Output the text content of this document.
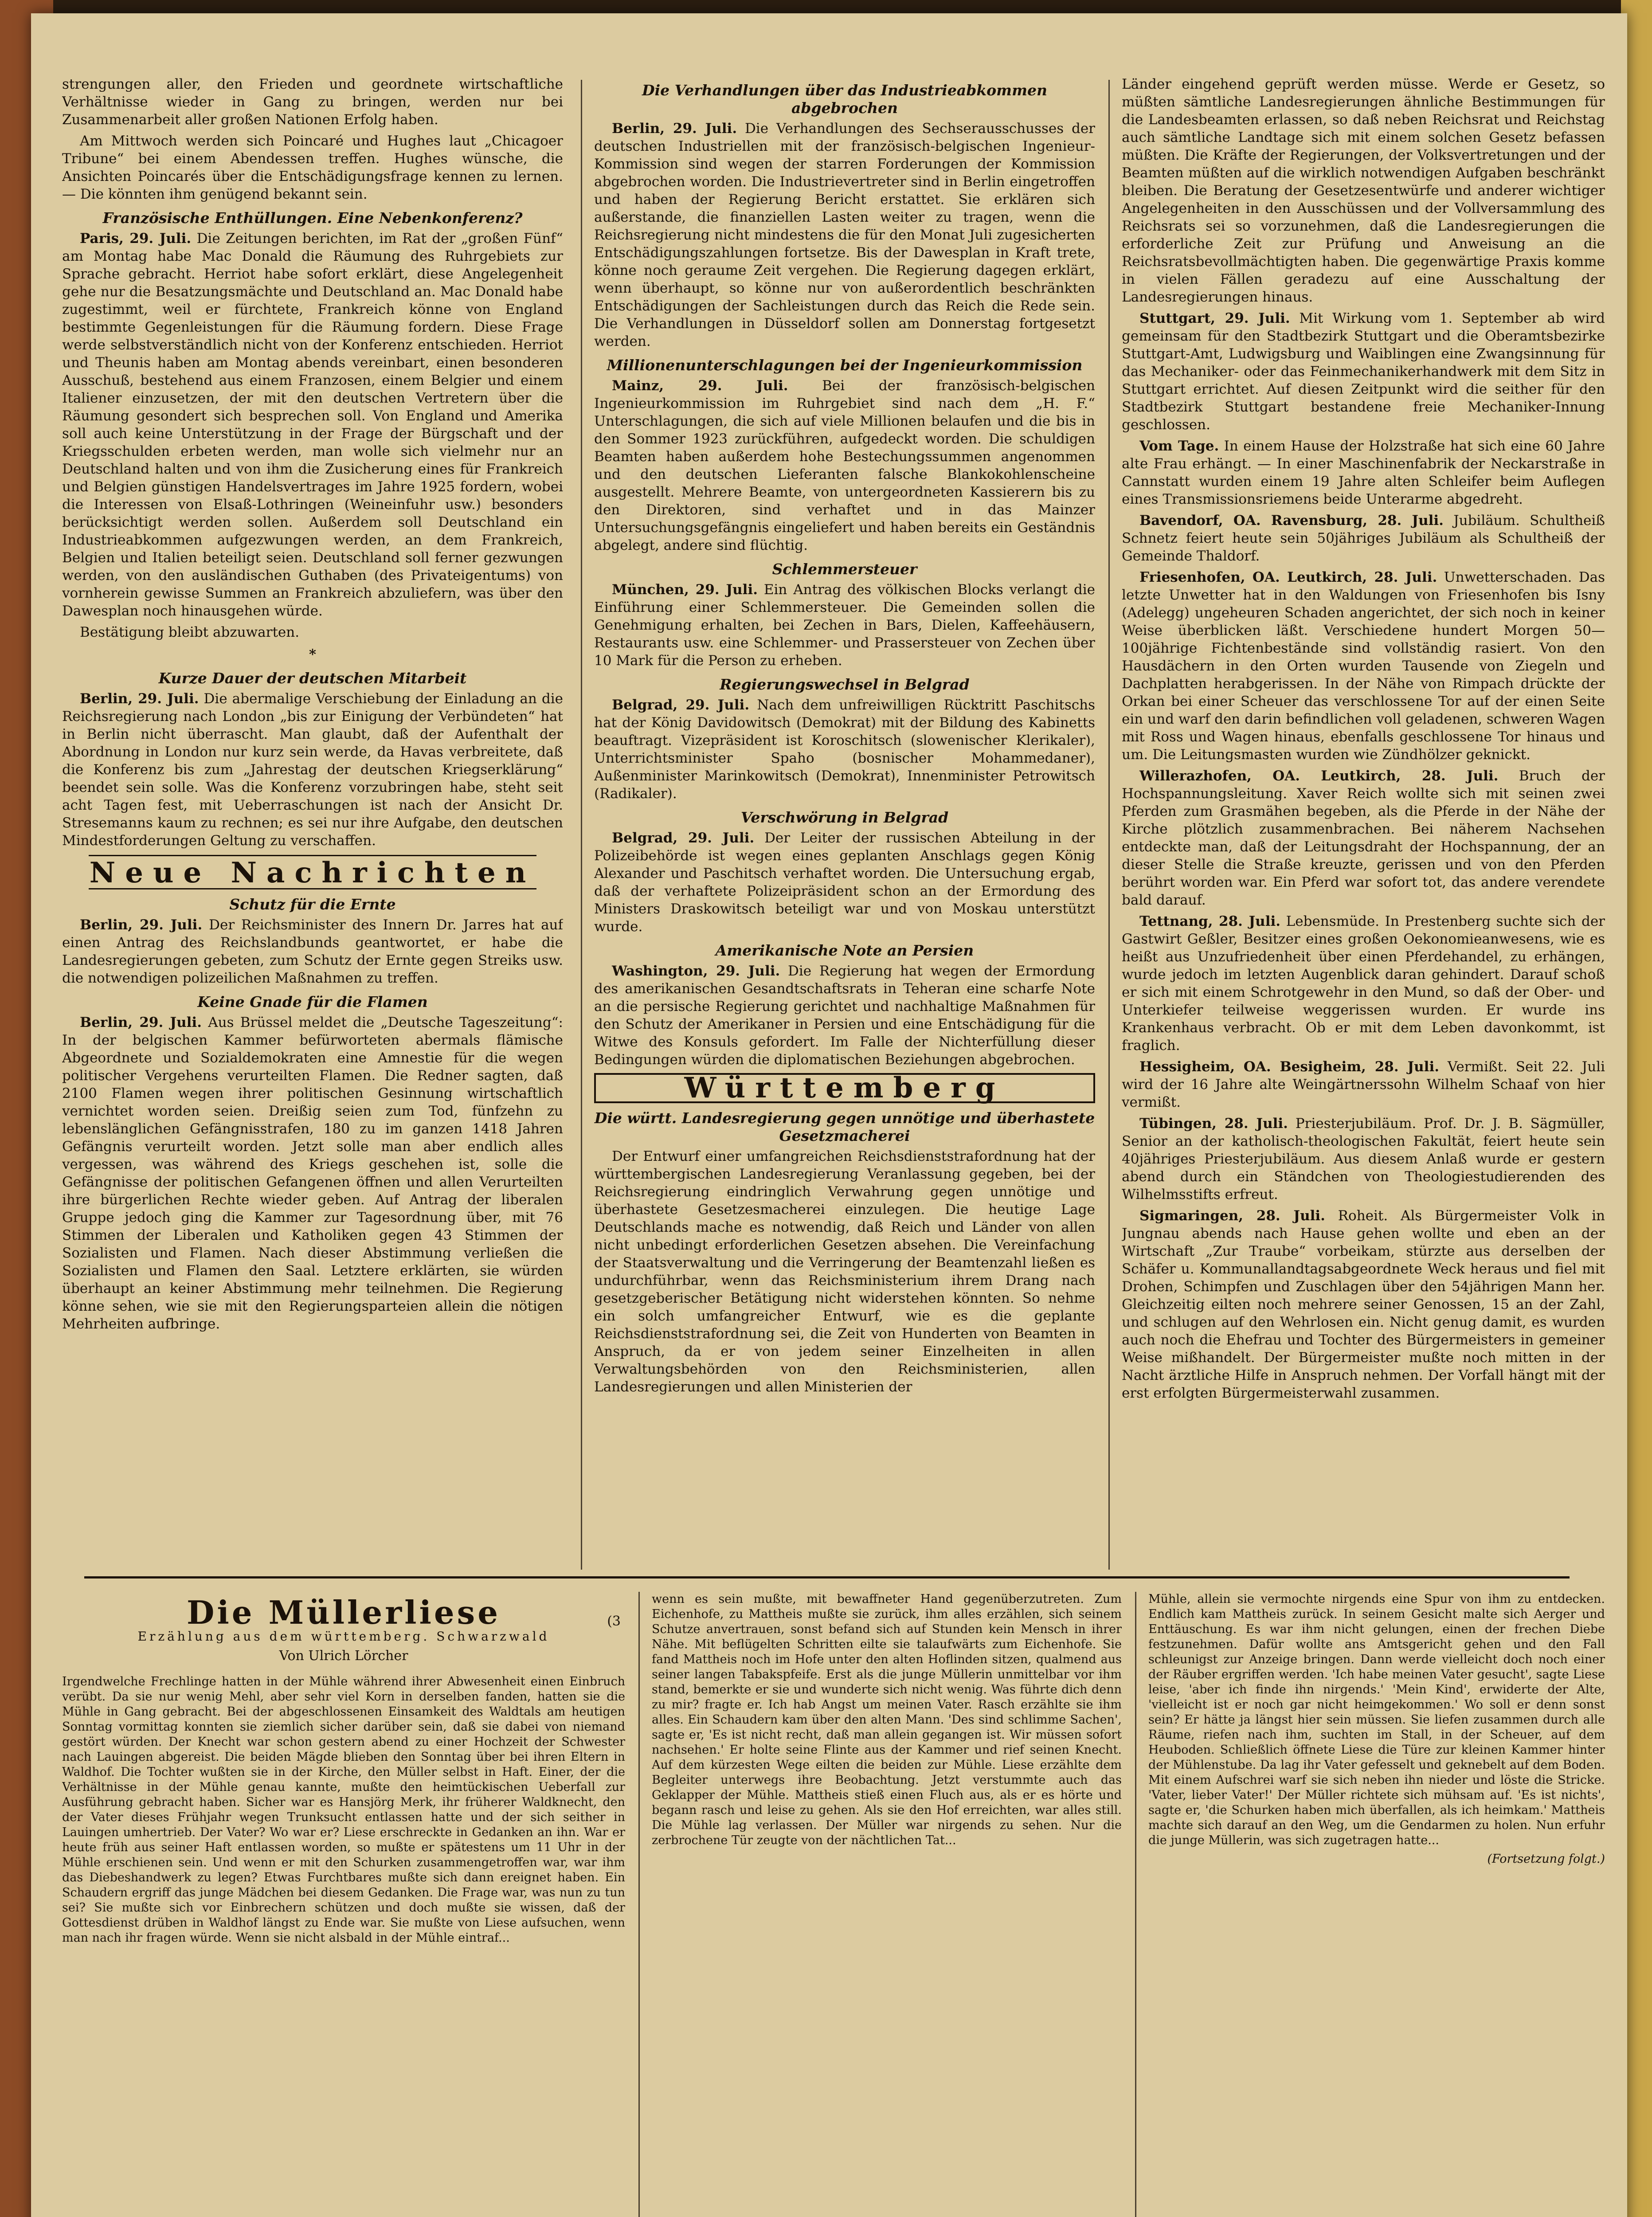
strengungen aller, den Frieden und geordnete wirtschaftliche Verhältnisse wieder in Gang zu bringen, werden nur bei Zusammenarbeit aller großen Nationen Erfolg haben.

Am Mittwoch werden sich Poincaré und Hughes laut „Chicagoer Tribune“ bei einem Abendessen treffen. Hughes wünsche, die Ansichten Poincarés über die Entschädigungsfrage kennen zu lernen. — Die könnten ihm genügend bekannt sein.

Französische Enthüllungen. Eine Nebenkonferenz?

Paris, 29. Juli. Die Zeitungen berichten, im Rat der „großen Fünf“ am Montag habe Mac Donald die Räumung des Ruhrgebiets zur Sprache gebracht. Herriot habe sofort erklärt, diese Angelegenheit gehe nur die Besatzungsmächte und Deutschland an. Mac Donald habe zugestimmt, weil er fürchtete, Frankreich könne von England bestimmte Gegenleistungen für die Räumung fordern. Diese Frage werde selbstverständlich nicht von der Konferenz entschieden. Herriot und Theunis haben am Montag abends vereinbart, einen besonderen Ausschuß, bestehend aus einem Franzosen, einem Belgier und einem Italiener einzusetzen, der mit den deutschen Vertretern über die Räumung gesondert sich besprechen soll. Von England und Amerika soll auch keine Unterstützung in der Frage der Bürgschaft und der Kriegsschulden erbeten werden, man wolle sich vielmehr nur an Deutschland halten und von ihm die Zusicherung eines für Frankreich und Belgien günstigen Handelsvertrages im Jahre 1925 fordern, wobei die Interessen von Elsaß-Lothringen (Weineinfuhr usw.) besonders berücksichtigt werden sollen. Außerdem soll Deutschland ein Industrieabkommen aufgezwungen werden, an dem Frankreich, Belgien und Italien beteiligt seien. Deutschland soll ferner gezwungen werden, von den ausländischen Guthaben (des Privateigentums) von vornherein gewisse Summen an Frankreich abzuliefern, was über den Dawesplan noch hinausgehen würde.

Bestätigung bleibt abzuwarten.

*
Kurze Dauer der deutschen Mitarbeit

Berlin, 29. Juli. Die abermalige Verschiebung der Einladung an die Reichsregierung nach London „bis zur Einigung der Verbündeten“ hat in Berlin nicht überrascht. Man glaubt, daß der Aufenthalt der Abordnung in London nur kurz sein werde, da Havas verbreitete, daß die Konferenz bis zum „Jahrestag der deutschen Kriegserklärung“ beendet sein solle. Was die Konferenz vorzubringen habe, steht seit acht Tagen fest, mit Ueberraschungen ist nach der Ansicht Dr. Stresemanns kaum zu rechnen; es sei nur ihre Aufgabe, den deutschen Mindestforderungen Geltung zu verschaffen.

Neue Nachrichten
Schutz für die Ernte

Berlin, 29. Juli. Der Reichsminister des Innern Dr. Jarres hat auf einen Antrag des Reichslandbunds geantwortet, er habe die Landesregierungen gebeten, zum Schutz der Ernte gegen Streiks usw. die notwendigen polizeilichen Maßnahmen zu treffen.

Keine Gnade für die Flamen

Berlin, 29. Juli. Aus Brüssel meldet die „Deutsche Tageszeitung“: In der belgischen Kammer befürworteten abermals flämische Abgeordnete und Sozialdemokraten eine Amnestie für die wegen politischer Vergehens verurteilten Flamen. Die Redner sagten, daß 2100 Flamen wegen ihrer politischen Gesinnung wirtschaftlich vernichtet worden seien. Dreißig seien zum Tod, fünfzehn zu lebenslänglichen Gefängnisstrafen, 180 zu im ganzen 1418 Jahren Gefängnis verurteilt worden. Jetzt solle man aber endlich alles vergessen, was während des Kriegs geschehen ist, solle die Gefängnisse der politischen Gefangenen öffnen und allen Verurteilten ihre bürgerlichen Rechte wieder geben. Auf Antrag der liberalen Gruppe jedoch ging die Kammer zur Tagesordnung über, mit 76 Stimmen der Liberalen und Katholiken gegen 43 Stimmen der Sozialisten und Flamen. Nach dieser Abstimmung verließen die Sozialisten und Flamen den Saal. Letztere erklärten, sie würden überhaupt an keiner Abstimmung mehr teilnehmen. Die Regierung könne sehen, wie sie mit den Regierungsparteien allein die nötigen Mehrheiten aufbringe.

Die Verhandlungen über das Industrieabkommen abgebrochen

Berlin, 29. Juli. Die Verhandlungen des Sechserausschusses der deutschen Industriellen mit der französisch-belgischen Ingenieur-Kommission sind wegen der starren Forderungen der Kommission abgebrochen worden. Die Industrievertreter sind in Berlin eingetroffen und haben der Regierung Bericht erstattet. Sie erklären sich außerstande, die finanziellen Lasten weiter zu tragen, wenn die Reichsregierung nicht mindestens die für den Monat Juli zugesicherten Entschädigungszahlungen fortsetze. Bis der Dawesplan in Kraft trete, könne noch geraume Zeit vergehen. Die Regierung dagegen erklärt, wenn überhaupt, so könne nur von außerordentlich beschränkten Entschädigungen der Sachleistungen durch das Reich die Rede sein. Die Verhandlungen in Düsseldorf sollen am Donnerstag fortgesetzt werden.

Millionenunterschlagungen bei der Ingenieurkommission

Mainz, 29. Juli. Bei der französisch-belgischen Ingenieurkommission im Ruhrgebiet sind nach dem „H. F.“ Unterschlagungen, die sich auf viele Millionen belaufen und die bis in den Sommer 1923 zurückführen, aufgedeckt worden. Die schuldigen Beamten haben außerdem hohe Bestechungssummen angenommen und den deutschen Lieferanten falsche Blankokohlenscheine ausgestellt. Mehrere Beamte, von untergeordneten Kassierern bis zu den Direktoren, sind verhaftet und in das Mainzer Untersuchungsgefängnis eingeliefert und haben bereits ein Geständnis abgelegt, andere sind flüchtig.

Schlemmersteuer

München, 29. Juli. Ein Antrag des völkischen Blocks verlangt die Einführung einer Schlemmersteuer. Die Gemeinden sollen die Genehmigung erhalten, bei Zechen in Bars, Dielen, Kaffeehäusern, Restaurants usw. eine Schlemmer- und Prassersteuer von Zechen über 10 Mark für die Person zu erheben.

Regierungswechsel in Belgrad

Belgrad, 29. Juli. Nach dem unfreiwilligen Rücktritt Paschitschs hat der König Davidowitsch (Demokrat) mit der Bildung des Kabinetts beauftragt. Vizepräsident ist Koroschitsch (slowenischer Klerikaler), Unterrichtsminister Spaho (bosnischer Mohammedaner), Außenminister Marinkowitsch (Demokrat), Innenminister Petrowitsch (Radikaler).

Verschwörung in Belgrad

Belgrad, 29. Juli. Der Leiter der russischen Abteilung in der Polizeibehörde ist wegen eines geplanten Anschlags gegen König Alexander und Paschitsch verhaftet worden. Die Untersuchung ergab, daß der verhaftete Polizeipräsident schon an der Ermordung des Ministers Draskowitsch beteiligt war und von Moskau unterstützt wurde.

Amerikanische Note an Persien

Washington, 29. Juli. Die Regierung hat wegen der Ermordung des amerikanischen Gesandtschaftsrats in Teheran eine scharfe Note an die persische Regierung gerichtet und nachhaltige Maßnahmen für den Schutz der Amerikaner in Persien und eine Entschädigung für die Witwe des Konsuls gefordert. Im Falle der Nichterfüllung dieser Bedingungen würden die diplomatischen Beziehungen abgebrochen.

Württemberg
Die württ. Landesregierung gegen unnötige und überhastete Gesetzmacherei

Der Entwurf einer umfangreichen Reichsdienststrafordnung hat der württembergischen Landesregierung Veranlassung gegeben, bei der Reichsregierung eindringlich Verwahrung gegen unnötige und überhastete Gesetzesmacherei einzulegen. Die heutige Lage Deutschlands mache es notwendig, daß Reich und Länder von allen nicht unbedingt erforderlichen Gesetzen absehen. Die Vereinfachung der Staatsverwaltung und die Verringerung der Beamtenzahl ließen es undurchführbar, wenn das Reichsministerium ihrem Drang nach gesetzgeberischer Betätigung nicht widerstehen könnten. So nehme ein solch umfangreicher Entwurf, wie es die geplante Reichsdienststrafordnung sei, die Zeit von Hunderten von Beamten in Anspruch, da er von jedem seiner Einzelheiten in allen Verwaltungsbehörden von den Reichsministerien, allen Landesregierungen und allen Ministerien der

Länder eingehend geprüft werden müsse. Werde er Gesetz, so müßten sämtliche Landesregierungen ähnliche Bestimmungen für die Landesbeamten erlassen, so daß neben Reichsrat und Reichstag auch sämtliche Landtage sich mit einem solchen Gesetz befassen müßten. Die Kräfte der Regierungen, der Volksvertretungen und der Beamten müßten auf die wirklich notwendigen Aufgaben beschränkt bleiben. Die Beratung der Gesetzesentwürfe und anderer wichtiger Angelegenheiten in den Ausschüssen und der Vollversammlung des Reichsrats sei so vorzunehmen, daß die Landesregierungen die erforderliche Zeit zur Prüfung und Anweisung an die Reichsratsbevollmächtigten haben. Die gegenwärtige Praxis komme in vielen Fällen geradezu auf eine Ausschaltung der Landesregierungen hinaus.

Stuttgart, 29. Juli. Mit Wirkung vom 1. September ab wird gemeinsam für den Stadtbezirk Stuttgart und die Oberamtsbezirke Stuttgart-Amt, Ludwigsburg und Waiblingen eine Zwangsinnung für das Mechaniker- oder das Feinmechanikerhandwerk mit dem Sitz in Stuttgart errichtet. Auf diesen Zeitpunkt wird die seither für den Stadtbezirk Stuttgart bestandene freie Mechaniker-Innung geschlossen.

Vom Tage. In einem Hause der Holzstraße hat sich eine 60 Jahre alte Frau erhängt. — In einer Maschinenfabrik der Neckarstraße in Cannstatt wurden einem 19 Jahre alten Schleifer beim Auflegen eines Transmissionsriemens beide Unterarme abgedreht.

Bavendorf, OA. Ravensburg, 28. Juli. Jubiläum. Schultheiß Schnetz feiert heute sein 50jähriges Jubiläum als Schultheiß der Gemeinde Thaldorf.

Friesenhofen, OA. Leutkirch, 28. Juli. Unwetterschaden. Das letzte Unwetter hat in den Waldungen von Friesenhofen bis Isny (Adelegg) ungeheuren Schaden angerichtet, der sich noch in keiner Weise überblicken läßt. Verschiedene hundert Morgen 50—100jährige Fichtenbestände sind vollständig rasiert. Von den Hausdächern in den Orten wurden Tausende von Ziegeln und Dachplatten herabgerissen. In der Nähe von Rimpach drückte der Orkan bei einer Scheuer das verschlossene Tor auf der einen Seite ein und warf den darin befindlichen voll geladenen, schweren Wagen mit Ross und Wagen hinaus, ebenfalls geschlossene Tor hinaus und um. Die Leitungsmasten wurden wie Zündhölzer geknickt.

Willerazhofen, OA. Leutkirch, 28. Juli. Bruch der Hochspannungsleitung. Xaver Reich wollte sich mit seinen zwei Pferden zum Grasmähen begeben, als die Pferde in der Nähe der Kirche plötzlich zusammenbrachen. Bei näherem Nachsehen entdeckte man, daß der Leitungsdraht der Hochspannung, der an dieser Stelle die Straße kreuzte, gerissen und von den Pferden berührt worden war. Ein Pferd war sofort tot, das andere verendete bald darauf.

Tettnang, 28. Juli. Lebensmüde. In Prestenberg suchte sich der Gastwirt Geßler, Besitzer eines großen Oekonomieanwesens, wie es heißt aus Unzufriedenheit über einen Pferdehandel, zu erhängen, wurde jedoch im letzten Augenblick daran gehindert. Darauf schoß er sich mit einem Schrotgewehr in den Mund, so daß der Ober- und Unterkiefer teilweise weggerissen wurden. Er wurde ins Krankenhaus verbracht. Ob er mit dem Leben davonkommt, ist fraglich.

Hessigheim, OA. Besigheim, 28. Juli. Vermißt. Seit 22. Juli wird der 16 Jahre alte Weingärtnerssohn Wilhelm Schaaf von hier vermißt.

Tübingen, 28. Juli. Priesterjubiläum. Prof. Dr. J. B. Sägmüller, Senior an der katholisch-theologischen Fakultät, feiert heute sein 40jähriges Priesterjubiläum. Aus diesem Anlaß wurde er gestern abend durch ein Ständchen von Theologiestudierenden des Wilhelmsstifts erfreut.

Sigmaringen, 28. Juli. Roheit. Als Bürgermeister Volk in Jungnau abends nach Hause gehen wollte und eben an der Wirtschaft „Zur Traube“ vorbeikam, stürzte aus derselben der Schäfer u. Kommunallandtagsabgeordnete Weck heraus und fiel mit Drohen, Schimpfen und Zuschlagen über den 54jährigen Mann her. Gleichzeitig eilten noch mehrere seiner Genossen, 15 an der Zahl, und schlugen auf den Wehrlosen ein. Nicht genug damit, es wurden auch noch die Ehefrau und Tochter des Bürgermeisters in gemeiner Weise mißhandelt. Der Bürgermeister mußte noch mitten in der Nacht ärztliche Hilfe in Anspruch nehmen. Der Vorfall hängt mit der erst erfolgten Bürgermeisterwahl zusammen.

Die Müllerliese	(3
Erzählung aus dem württemberg. Schwarzwald
Von Ulrich Lörcher

Irgendwelche Frechlinge hatten in der Mühle während ihrer Abwesenheit einen Einbruch verübt. Da sie nur wenig Mehl, aber sehr viel Korn in derselben fanden, hatten sie die Mühle in Gang gebracht. Bei der abgeschlossenen Einsamkeit des Waldtals am heutigen Sonntag vormittag konnten sie ziemlich sicher darüber sein, daß sie dabei von niemand gestört würden. Der Knecht war schon gestern abend zu einer Hochzeit der Schwester nach Lauingen abgereist. Die beiden Mägde blieben den Sonntag über bei ihren Eltern in Waldhof. Die Tochter wußten sie in der Kirche, den Müller selbst in Haft. Einer, der die Verhältnisse in der Mühle genau kannte, mußte den heimtückischen Ueberfall zur Ausführung gebracht haben. Sicher war es Hansjörg Merk, ihr früherer Waldknecht, den der Vater dieses Frühjahr wegen Trunksucht entlassen hatte und der sich seither in Lauingen umhertrieb. Der Vater? Wo war er? Liese erschreckte in Gedanken an ihn. War er heute früh aus seiner Haft entlassen worden, so mußte er spätestens um 11 Uhr in der Mühle erschienen sein. Und wenn er mit den Schurken zusammengetroffen war, war ihm das Diebeshandwerk zu legen? Etwas Furchtbares mußte sich dann ereignet haben. Ein Schaudern ergriff das junge Mädchen bei diesem Gedanken. Die Frage war, was nun zu tun sei? Sie mußte sich vor Einbrechern schützen und doch mußte sie wissen, daß der Gottesdienst drüben in Waldhof längst zu Ende war. Sie mußte von Liese aufsuchen, wenn man nach ihr fragen würde. Wenn sie nicht alsbald in der Mühle eintraf...

wenn es sein mußte, mit bewaffneter Hand gegenüberzutreten. Zum Eichenhofe, zu Mattheis mußte sie zurück, ihm alles erzählen, sich seinem Schutze anvertrauen, sonst befand sich auf Stunden kein Mensch in ihrer Nähe. Mit beflügelten Schritten eilte sie talaufwärts zum Eichenhofe. Sie fand Mattheis noch im Hofe unter den alten Hoflinden sitzen, qualmend aus seiner langen Tabakspfeife. Erst als die junge Müllerin unmittelbar vor ihm stand, bemerkte er sie und wunderte sich nicht wenig. Was führte dich denn zu mir? fragte er. Ich hab Angst um meinen Vater. Rasch erzählte sie ihm alles. Ein Schaudern kam über den alten Mann. 'Des sind schlimme Sachen', sagte er, 'Es ist nicht recht, daß man allein gegangen ist. Wir müssen sofort nachsehen.' Er holte seine Flinte aus der Kammer und rief seinen Knecht. Auf dem kürzesten Wege eilten die beiden zur Mühle. Liese erzählte dem Begleiter unterwegs ihre Beobachtung. Jetzt verstummte auch das Geklapper der Mühle. Mattheis stieß einen Fluch aus, als er es hörte und begann rasch und leise zu gehen. Als sie den Hof erreichten, war alles still. Die Mühle lag verlassen. Der Müller war nirgends zu sehen. Nur die zerbrochene Tür zeugte von der nächtlichen Tat...

Mühle, allein sie vermochte nirgends eine Spur von ihm zu entdecken. Endlich kam Mattheis zurück. In seinem Gesicht malte sich Aerger und Enttäuschung. Es war ihm nicht gelungen, einen der frechen Diebe festzunehmen. Dafür wollte ans Amtsgericht gehen und den Fall schleunigst zur Anzeige bringen. Dann werde vielleicht doch noch einer der Räuber ergriffen werden. 'Ich habe meinen Vater gesucht', sagte Liese leise, 'aber ich finde ihn nirgends.' 'Mein Kind', erwiderte der Alte, 'vielleicht ist er noch gar nicht heimgekommen.' Wo soll er denn sonst sein? Er hätte ja längst hier sein müssen. Sie liefen zusammen durch alle Räume, riefen nach ihm, suchten im Stall, in der Scheuer, auf dem Heuboden. Schließlich öffnete Liese die Türe zur kleinen Kammer hinter der Mühlenstube. Da lag ihr Vater gefesselt und geknebelt auf dem Boden. Mit einem Aufschrei warf sie sich neben ihn nieder und löste die Stricke. 'Vater, lieber Vater!' Der Müller richtete sich mühsam auf. 'Es ist nichts', sagte er, 'die Schurken haben mich überfallen, als ich heimkam.' Mattheis machte sich darauf an den Weg, um die Gendarmen zu holen. Nun erfuhr die junge Müllerin, was sich zugetragen hatte...

(Fortsetzung folgt.)
